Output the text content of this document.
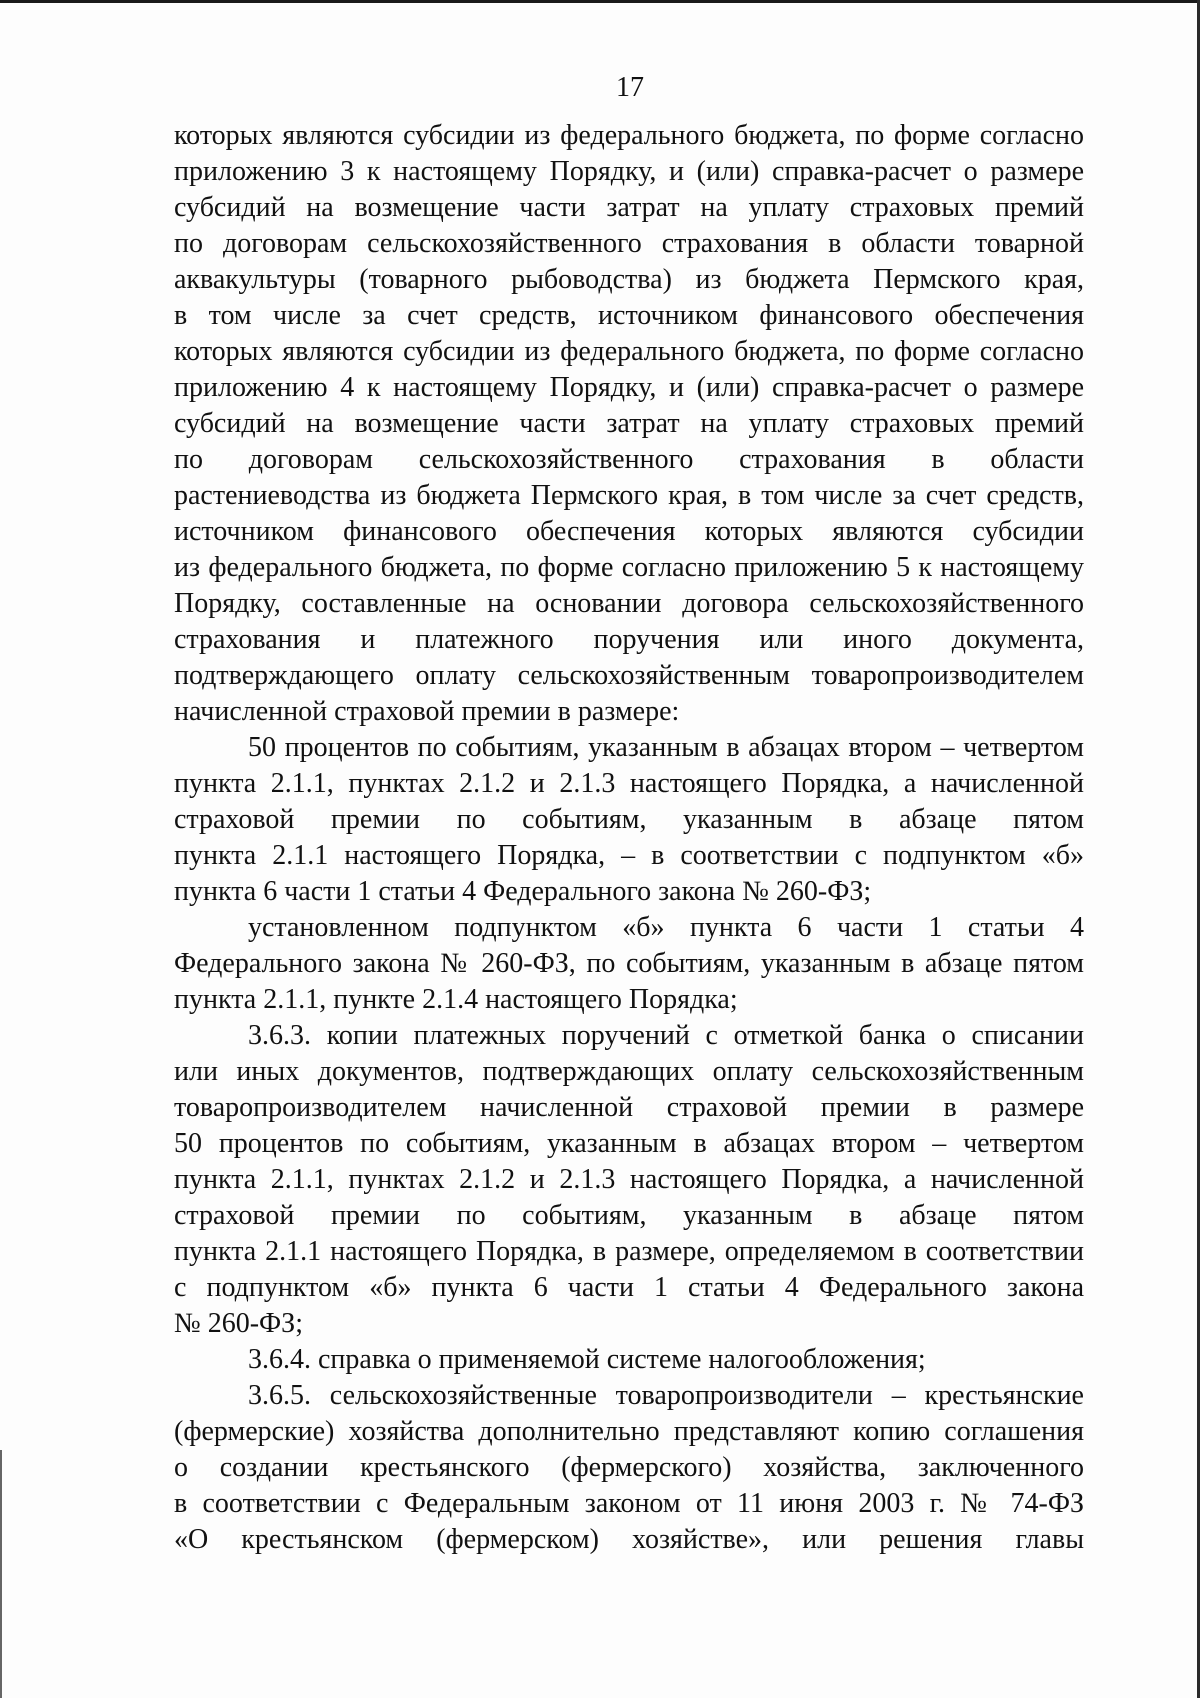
17
которых являются субсидии из федерального бюджета, по форме согласно
приложению 3 к настоящему Порядку, и (или) справка-расчет о размере
субсидий на возмещение части затрат на уплату страховых премий
по договорам сельскохозяйственного страхования в области товарной
аквакультуры (товарного рыбоводства) из бюджета Пермского края,
в том числе за счет средств, источником финансового обеспечения
которых являются субсидии из федерального бюджета, по форме согласно
приложению 4 к настоящему Порядку, и (или) справка-расчет о размере
субсидий на возмещение части затрат на уплату страховых премий
по договорам сельскохозяйственного страхования в области
растениеводства из бюджета Пермского края, в том числе за счет средств,
источником финансового обеспечения которых являются субсидии
из федерального бюджета, по форме согласно приложению 5 к настоящему
Порядку, составленные на основании договора сельскохозяйственного
страхования и платежного поручения или иного документа,
подтверждающего оплату сельскохозяйственным товаропроизводителем
начисленной страховой премии в размере:
50 процентов по событиям, указанным в абзацах втором – четвертом
пункта 2.1.1, пунктах 2.1.2 и 2.1.3 настоящего Порядка, а начисленной
страховой премии по событиям, указанным в абзаце пятом
пункта 2.1.1 настоящего Порядка, – в соответствии с подпунктом «б»
пункта 6 части 1 статьи 4 Федерального закона № 260-ФЗ;
установленном подпунктом «б» пункта 6 части 1 статьи 4
Федерального закона № 260-ФЗ, по событиям, указанным в абзаце пятом
пункта 2.1.1, пункте 2.1.4 настоящего Порядка;
3.6.3. копии платежных поручений с отметкой банка о списании
или иных документов, подтверждающих оплату сельскохозяйственным
товаропроизводителем начисленной страховой премии в размере
50 процентов по событиям, указанным в абзацах втором – четвертом
пункта 2.1.1, пунктах 2.1.2 и 2.1.3 настоящего Порядка, а начисленной
страховой премии по событиям, указанным в абзаце пятом
пункта 2.1.1 настоящего Порядка, в размере, определяемом в соответствии
с подпунктом «б» пункта 6 части 1 статьи 4 Федерального закона
№ 260-ФЗ;
3.6.4. справка о применяемой системе налогообложения;
3.6.5. сельскохозяйственные товаропроизводители – крестьянские
(фермерские) хозяйства дополнительно представляют копию соглашения
о создании крестьянского (фермерского) хозяйства, заключенного
в соответствии с Федеральным законом от 11 июня 2003 г. № 74-ФЗ
«О крестьянском (фермерском) хозяйстве», или решения главы
